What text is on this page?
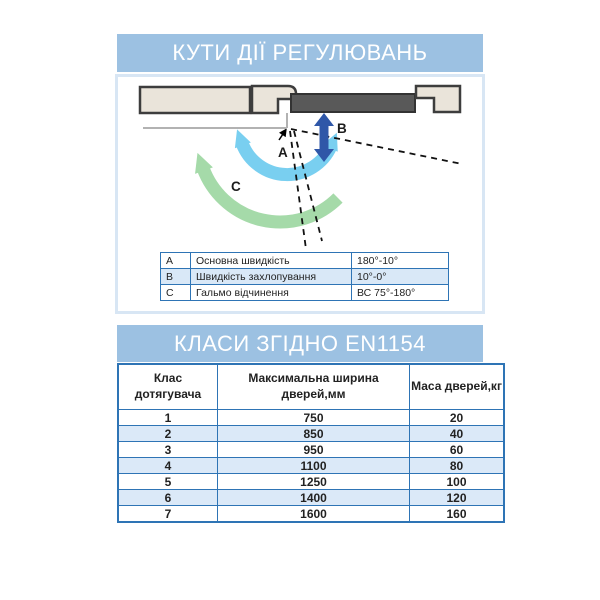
КУТИ ДІЇ РЕГУЛЮВАНЬ
A
B
C
A	Основна швидкість	180°-10°
B	Швидкість захлопування	10°-0°
C	Гальмо відчинення	ВС 75°-180°
КЛАСИ ЗГІДНО EN1154
Клас дотягувача	Максимальна ширина дверей,мм	Маса дверей,кг
1	750	20
2	850	40
3	950	60
4	1100	80
5	1250	100
6	1400	120
7	1600	160
